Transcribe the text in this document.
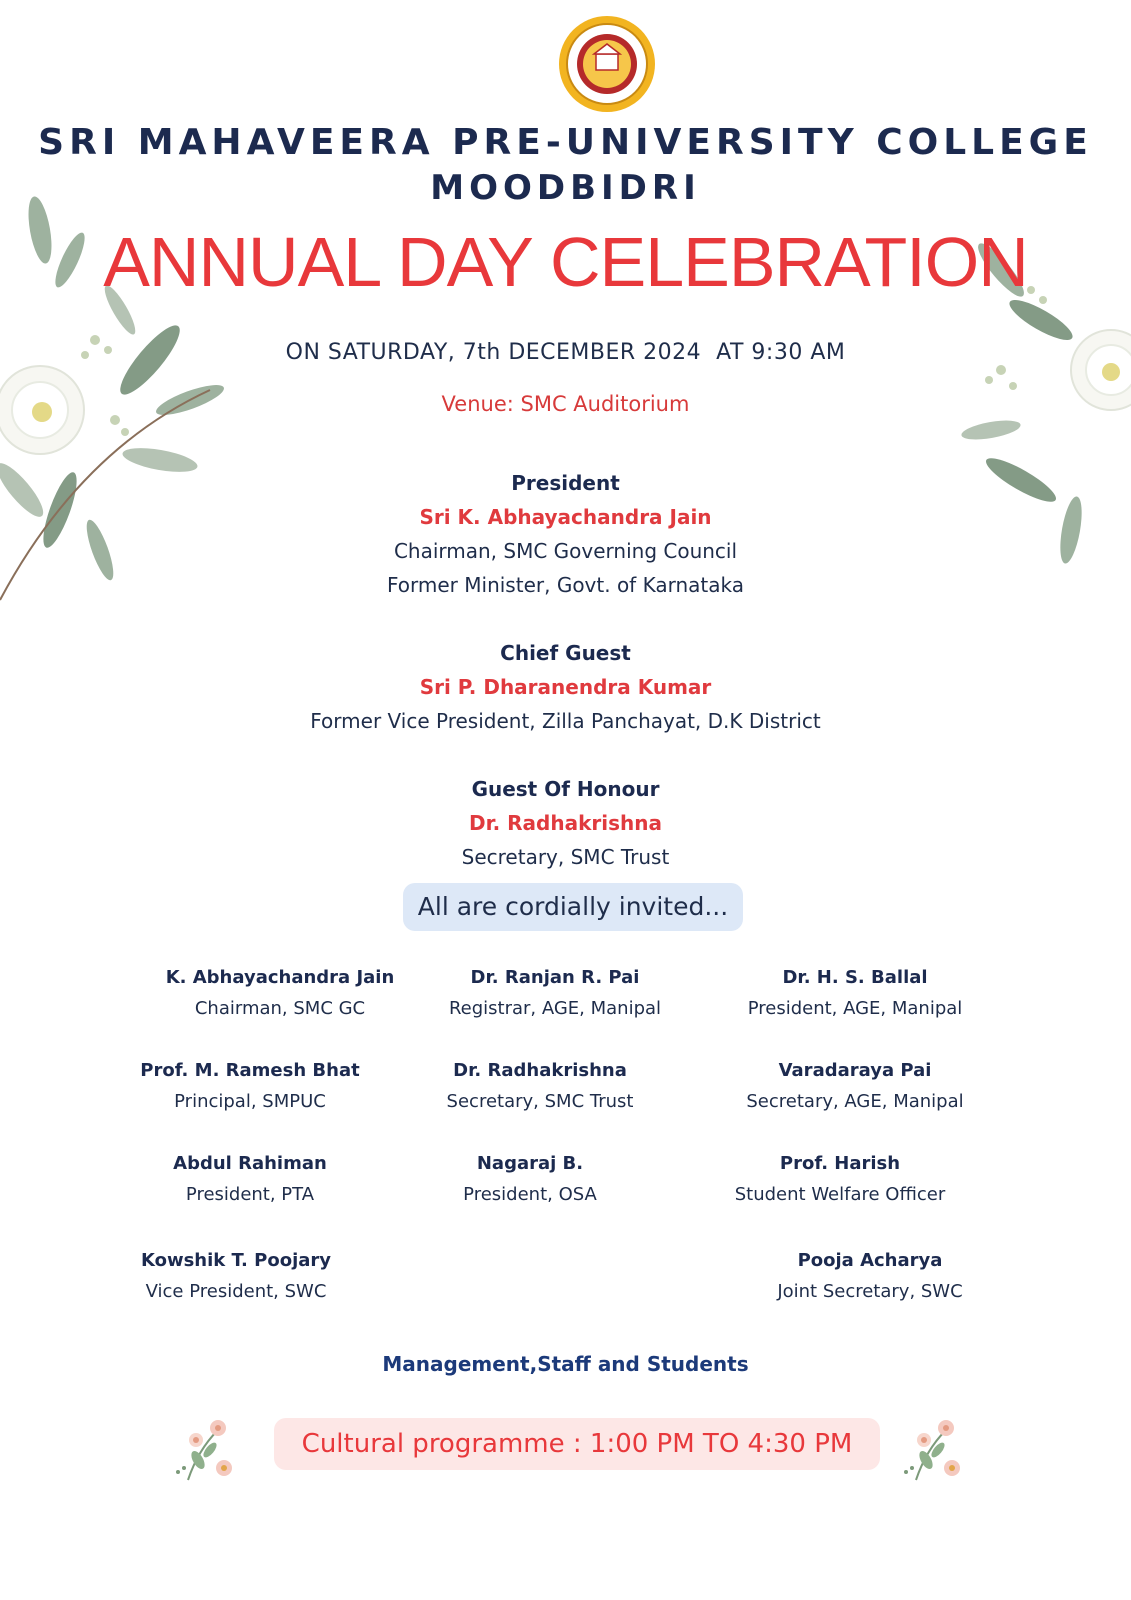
SRI MAHAVEERA PRE-UNIVERSITY COLLEGE
MOODBIDRI
ANNUAL DAY CELEBRATION
ON SATURDAY, 7th DECEMBER 2024  AT 9:30 AM
Venue: SMC Auditorium
President
Sri K. Abhayachandra Jain
Chairman, SMC Governing Council
Former Minister, Govt. of Karnataka
Chief Guest
Sri P. Dharanendra Kumar
Former Vice President, Zilla Panchayat, D.K District
Guest Of Honour
Dr. Radhakrishna
Secretary, SMC Trust
All are cordially invited...
K. Abhayachandra Jain
Chairman, SMC GC
Dr. Ranjan R. Pai
Registrar, AGE, Manipal
Dr. H. S. Ballal
President, AGE, Manipal
Prof. M. Ramesh Bhat
Principal, SMPUC
Dr. Radhakrishna
Secretary, SMC Trust
Varadaraya Pai
Secretary, AGE, Manipal
Abdul Rahiman
President, PTA
Nagaraj B.
President, OSA
Prof. Harish
Student Welfare Officer
Kowshik T. Poojary
Vice President, SWC
Pooja Acharya
Joint Secretary, SWC
Management,Staff and Students
Cultural programme : 1:00 PM TO 4:30 PM
